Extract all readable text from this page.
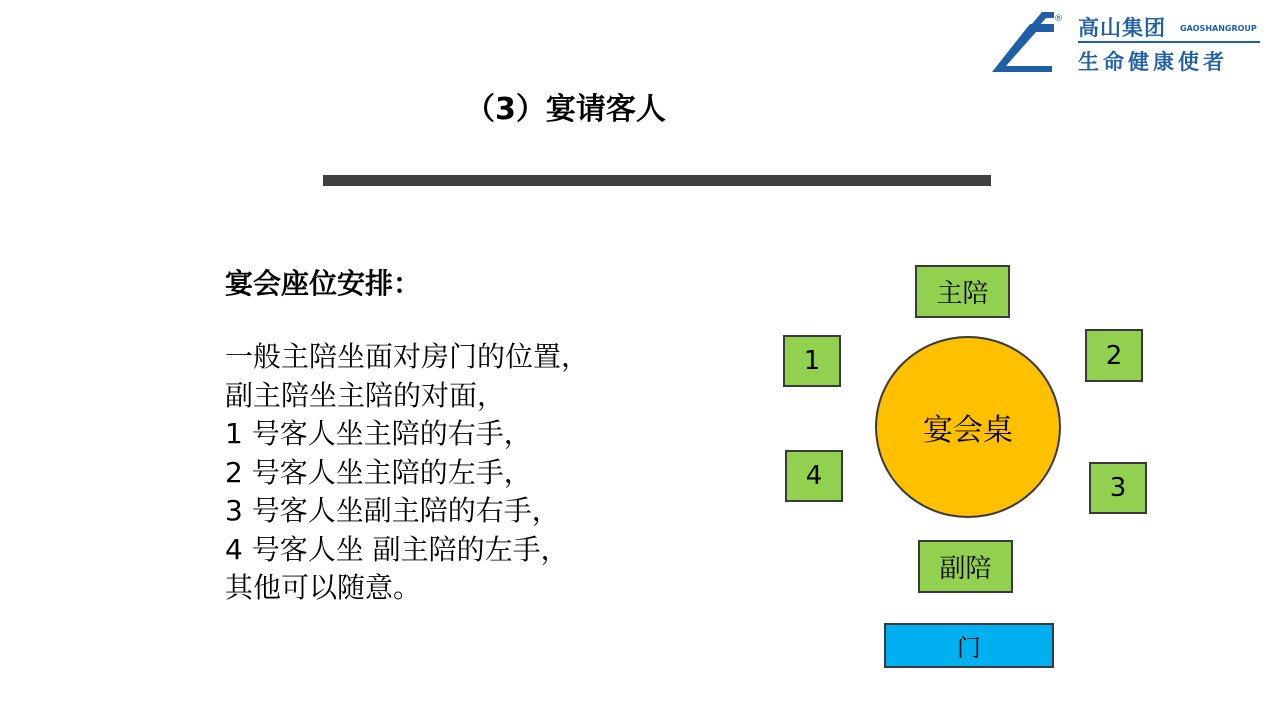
® 高山集团 GAOSHANGROUP
生命健康使者
（3）宴请客人
宴会座位安排：
一般主陪坐面对房门的位置，
副主陪坐主陪的对面，
1 号客人坐主陪的右手，
2 号客人坐主陪的左手，
3 号客人坐副主陪的右手，
4 号客人坐 副主陪的左手，
其他可以随意。
主陪
1	2
4	3
宴会桌
副陪
门
